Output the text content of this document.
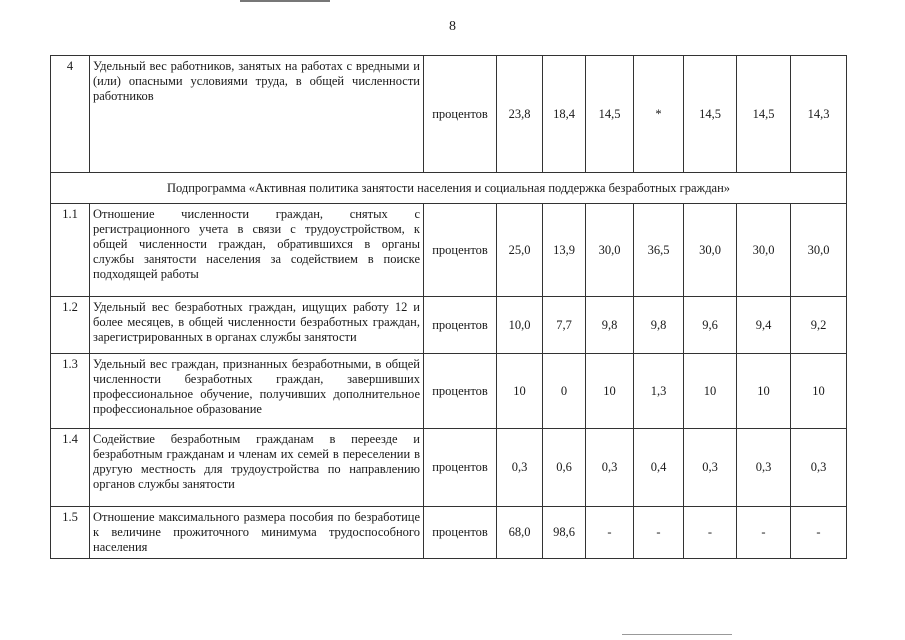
8
4	Удельный вес работников, занятых на работах с вредными и (или) опасными условиями труда, в общей численности работников	процентов	23,8	18,4	14,5	*	14,5	14,5	14,3
Подпрограмма «Активная политика занятости населения и социальная поддержка безработных граждан»									
1.1	Отношение численности граждан, снятых с регистрационного учета в связи с трудоустройством, к общей численности граждан, обратившихся в органы службы занятости населения за содействием в поиске подходящей работы	процентов	25,0	13,9	30,0	36,5	30,0	30,0	30,0
1.2	Удельный вес безработных граждан, ищущих работу 12 и более месяцев, в общей численности безработных граждан, зарегистрированных в органах службы занятости	процентов	10,0	7,7	9,8	9,8	9,6	9,4	9,2
1.3	Удельный вес граждан, признанных безработными, в общей численности безработных граждан, завершивших профессиональное обучение, получивших дополнительное профессиональное образование	процентов	10	0	10	1,3	10	10	10
1.4	Содействие безработным гражданам в переезде и безработным гражданам и членам их семей в переселении в другую местность для трудоустройства по направлению органов службы занятости	процентов	0,3	0,6	0,3	0,4	0,3	0,3	0,3
1.5	Отношение максимального размера пособия по безработице к величине прожиточного минимума трудоспособного населения	процентов	68,0	98,6	-	-	-	-	-
